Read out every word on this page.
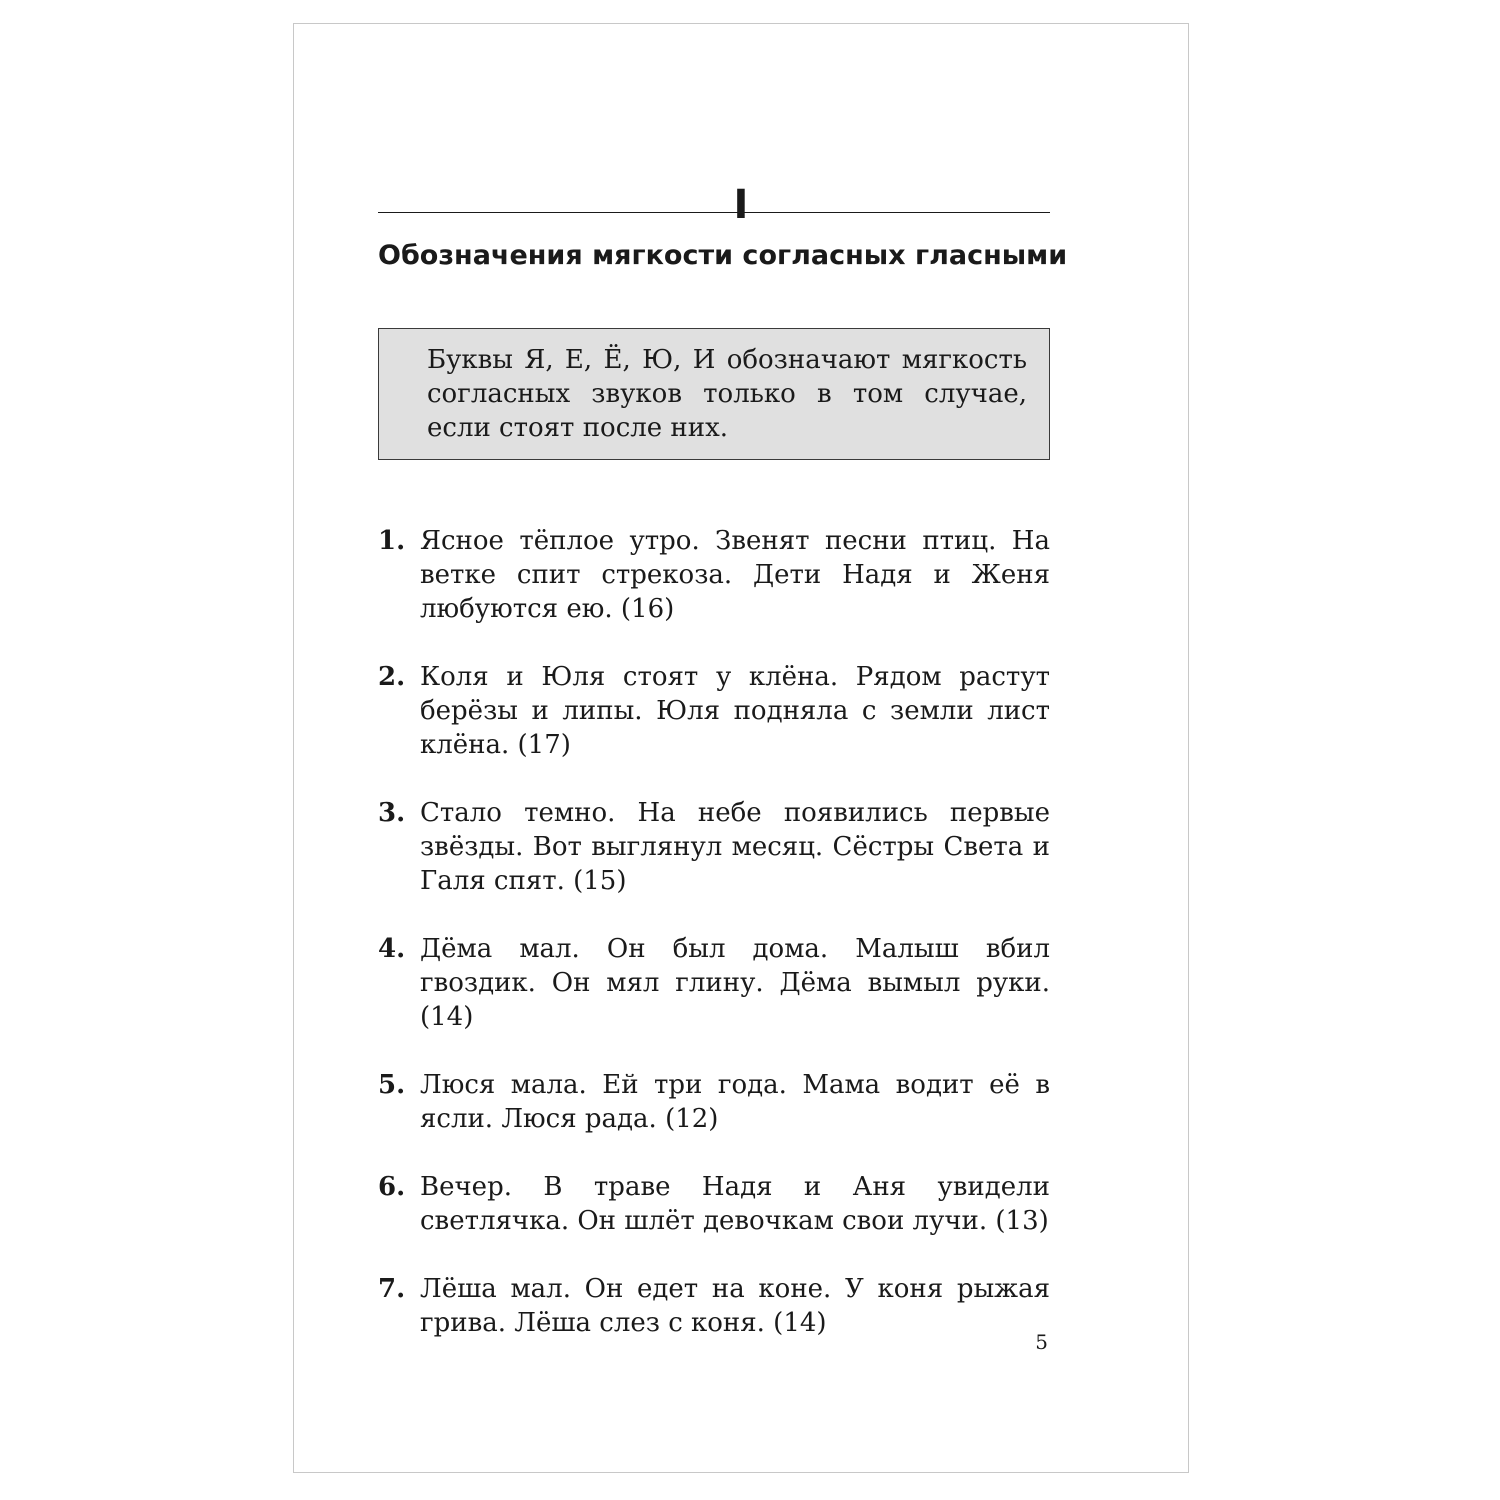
I
Обозначения мягкости согласных гласными
Буквы Я, Е, Ё, Ю, И обозначают мягкость согласных звуков только в том случае, если стоят после них.
1. Ясное тёплое утро. Звенят песни птиц. На ветке спит стрекоза. Дети Надя и Женя любуются ею. (16)
2. Коля и Юля стоят у клёна. Рядом растут берёзы и липы. Юля подняла с земли лист клёна. (17)
3. Стало темно. На небе появились первые звёзды. Вот выглянул месяц. Сёстры Света и Галя спят. (15)
4. Дёма мал. Он был дома. Малыш вбил гвоздик. Он мял глину. Дёма вымыл руки. (14)
5. Люся мала. Ей три года. Мама водит её в ясли. Люся рада. (12)
6. Вечер. В траве Надя и Аня увидели светлячка. Он шлёт девочкам свои лучи. (13)
7. Лёша мал. Он едет на коне. У коня рыжая грива. Лёша слез с коня. (14)
5
